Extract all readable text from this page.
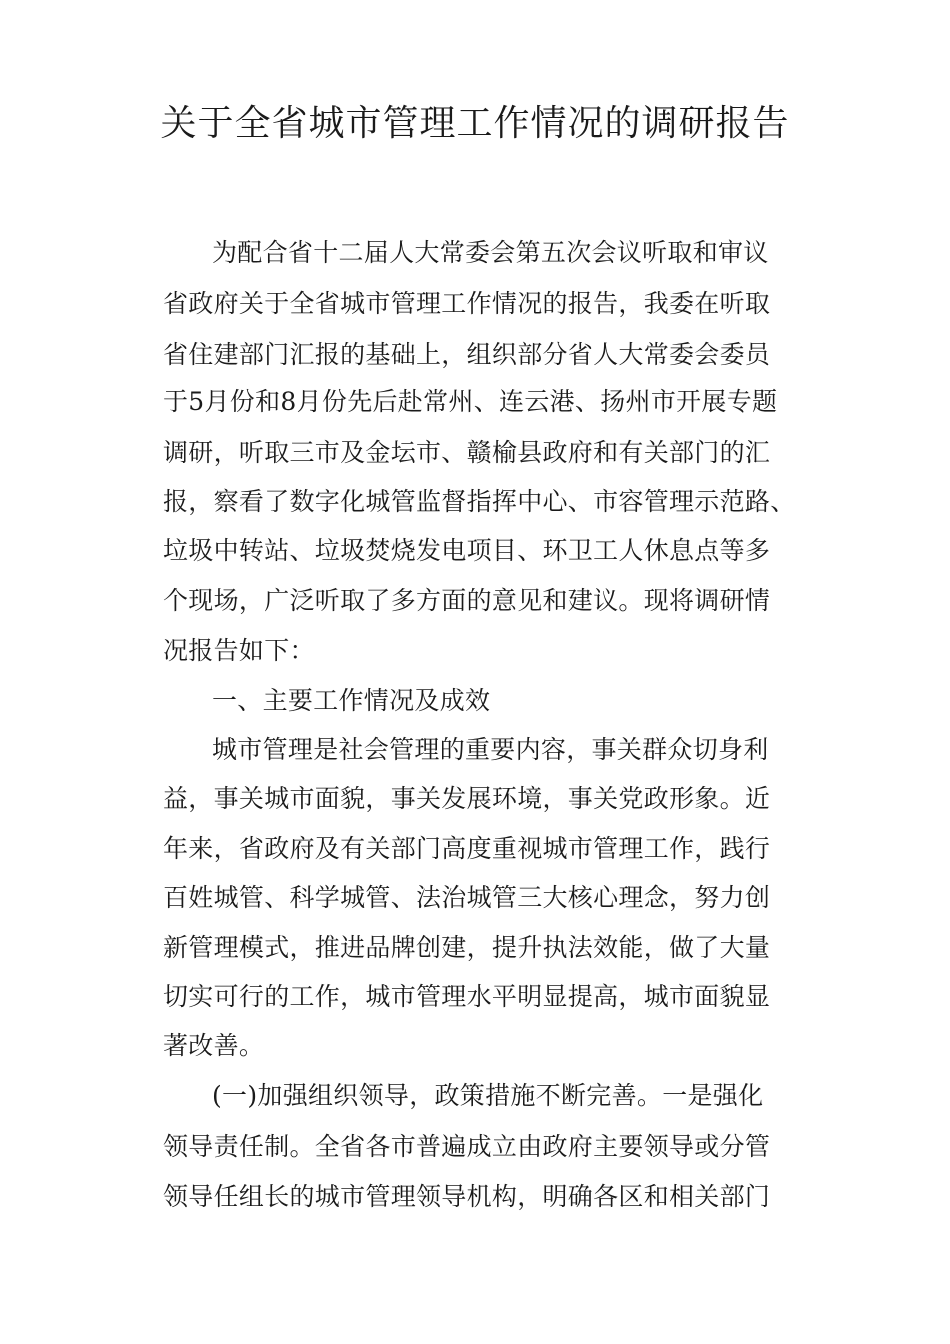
关于全省城市管理工作情况的调研报告
为配合省十二届人大常委会第五次会议听取和审议
省政府关于全省城市管理工作情况的报告，我委在听取
省住建部门汇报的基础上，组织部分省人大常委会委员
于5月份和8月份先后赴常州、连云港、扬州市开展专题
调研，听取三市及金坛市、赣榆县政府和有关部门的汇
报，察看了数字化城管监督指挥中心、市容管理示范路、
垃圾中转站、垃圾焚烧发电项目、环卫工人休息点等多
个现场，广泛听取了多方面的意见和建议。现将调研情
况报告如下：
一、主要工作情况及成效
城市管理是社会管理的重要内容，事关群众切身利
益，事关城市面貌，事关发展环境，事关党政形象。近
年来，省政府及有关部门高度重视城市管理工作，践行
百姓城管、科学城管、法治城管三大核心理念，努力创
新管理模式，推进品牌创建，提升执法效能，做了大量
切实可行的工作，城市管理水平明显提高，城市面貌显
著改善。
(一)加强组织领导，政策措施不断完善。一是强化
领导责任制。全省各市普遍成立由政府主要领导或分管
领导任组长的城市管理领导机构，明确各区和相关部门
